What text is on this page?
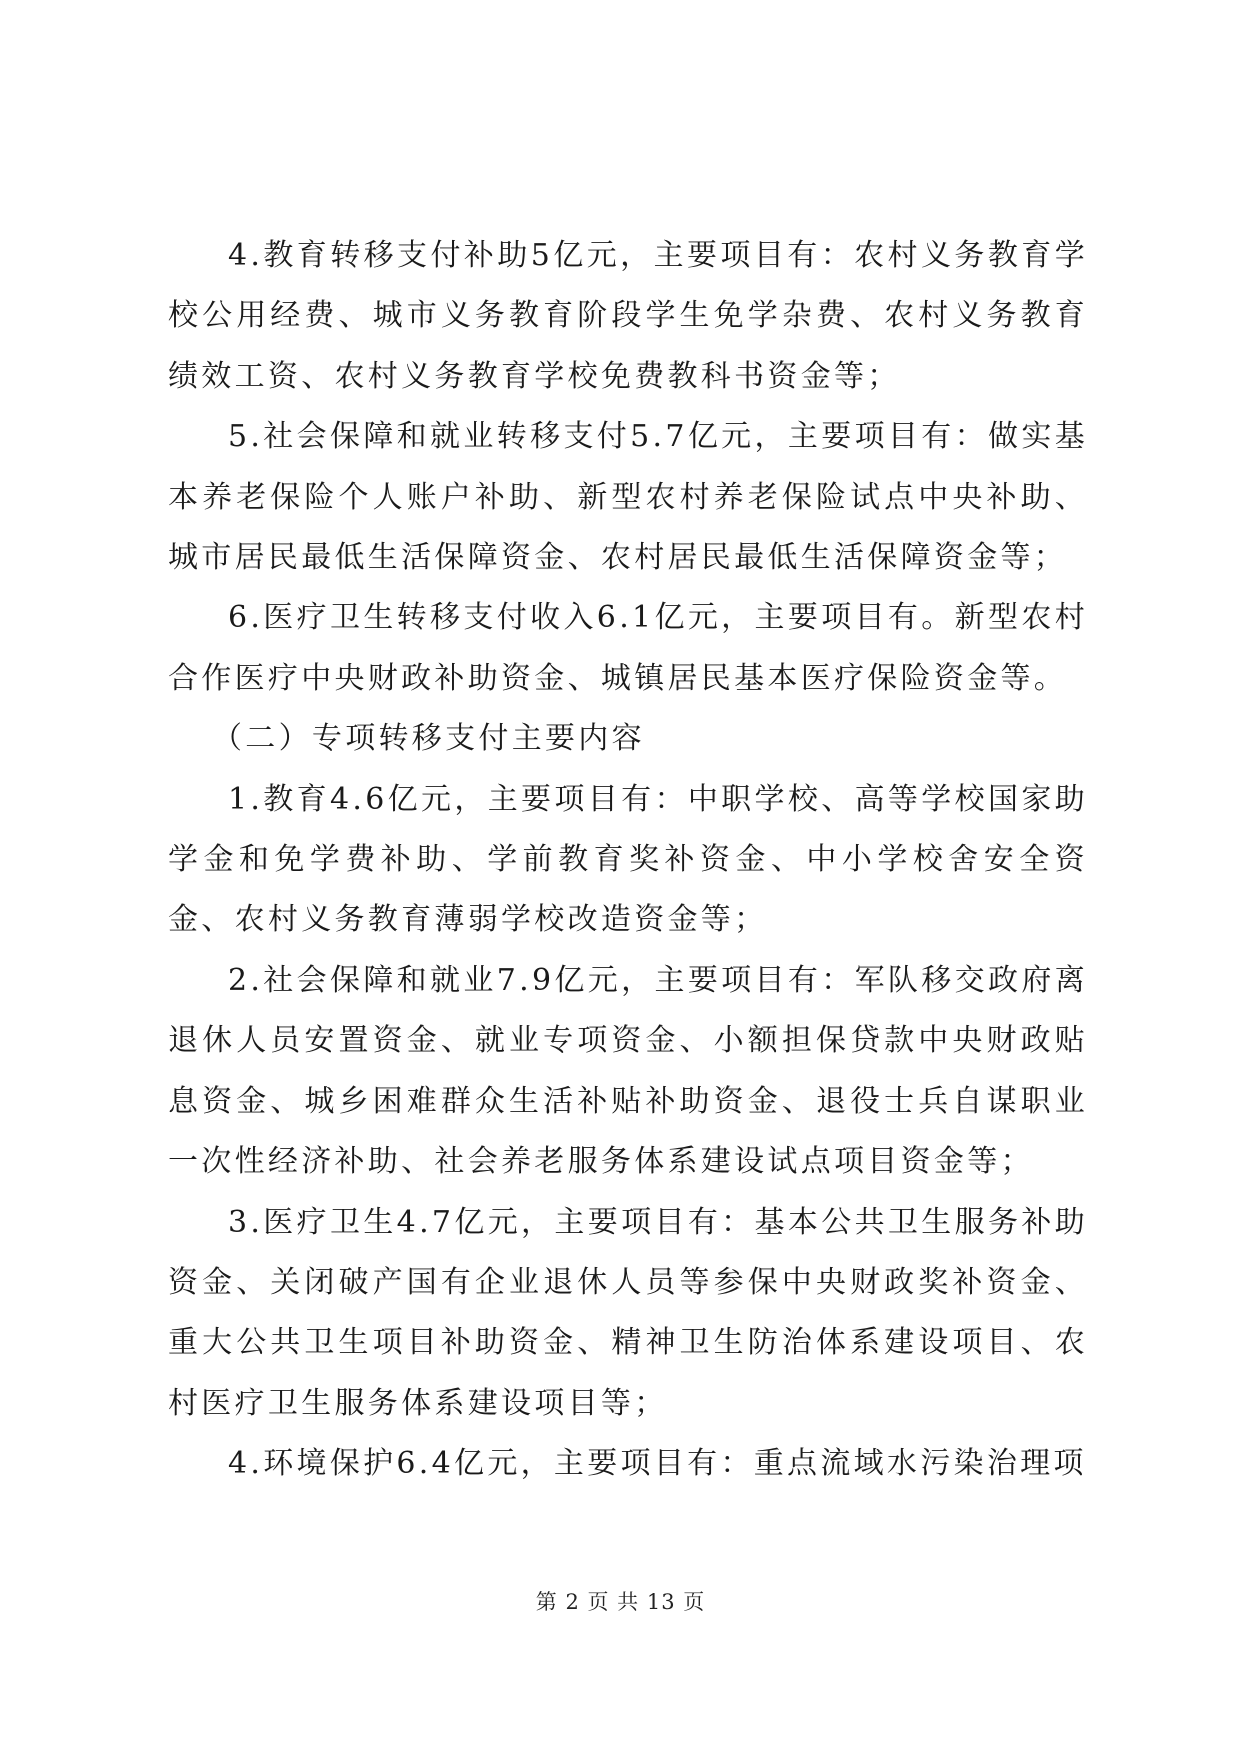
4.教育转移支付补助5亿元，主要项目有：农村义务教育学校公用经费、城市义务教育阶段学生免学杂费、农村义务教育绩效工资、农村义务教育学校免费教科书资金等；

5.社会保障和就业转移支付5.7亿元，主要项目有：做实基本养老保险个人账户补助、新型农村养老保险试点中央补助、城市居民最低生活保障资金、农村居民最低生活保障资金等；

6.医疗卫生转移支付收入6.1亿元，主要项目有。新型农村合作医疗中央财政补助资金、城镇居民基本医疗保险资金等。

（二）专项转移支付主要内容

1.教育4.6亿元，主要项目有：中职学校、高等学校国家助学金和免学费补助、学前教育奖补资金、中小学校舍安全资金、农村义务教育薄弱学校改造资金等；

2.社会保障和就业7.9亿元，主要项目有：军队移交政府离退休人员安置资金、就业专项资金、小额担保贷款中央财政贴息资金、城乡困难群众生活补贴补助资金、退役士兵自谋职业一次性经济补助、社会养老服务体系建设试点项目资金等；

3.医疗卫生4.7亿元，主要项目有：基本公共卫生服务补助资金、关闭破产国有企业退休人员等参保中央财政奖补资金、重大公共卫生项目补助资金、精神卫生防治体系建设项目、农村医疗卫生服务体系建设项目等；

4.环境保护6.4亿元，主要项目有：重点流域水污染治理项

第 2 页 共 13 页
